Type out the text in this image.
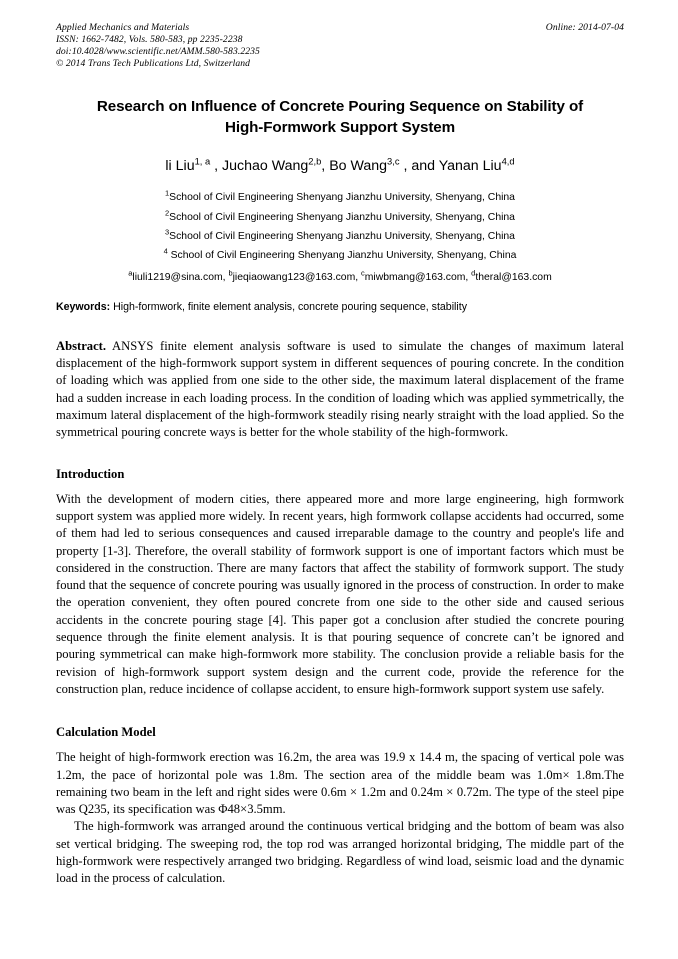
Online: 2014-07-04
Applied Mechanics and Materials
ISSN: 1662-7482, Vols. 580-583, pp 2235-2238
doi:10.4028/www.scientific.net/AMM.580-583.2235
© 2014 Trans Tech Publications Ltd, Switzerland
Research on Influence of Concrete Pouring Sequence on Stability of
High-Formwork Support System
li Liu$^{1, a}$ , Juchao Wang$^{2,b}$, Bo Wang$^{3,c}$ , and Yanan Liu$^{4,d}$
$^1$School of Civil Engineering Shenyang Jianzhu University, Shenyang, China
$^2$School of Civil Engineering Shenyang Jianzhu University, Shenyang, China
$^3$School of Civil Engineering Shenyang Jianzhu University, Shenyang, China
$^4$ School of Civil Engineering Shenyang Jianzhu University, Shenyang, China
$^a$liuli1219@sina.com, $^b$jieqiaowang123@163.com, $^c$miwbmang@163.com, $^d$theral@163.com
Keywords: High-formwork, finite element analysis, concrete pouring sequence, stability
Abstract. ANSYS finite element analysis software is used to simulate the changes of maximum lateral displacement of the high-formwork support system in different sequences of pouring concrete. In the condition of loading which was applied from one side to the other side, the maximum lateral displacement of the frame had a sudden increase in each loading process. In the condition of loading which was applied symmetrically, the maximum lateral displacement of the high-formwork steadily rising nearly straight with the load applied. So the symmetrical pouring concrete ways is better for the whole stability of the high-formwork.
Introduction

With the development of modern cities, there appeared more and more large engineering, high formwork support system was applied more widely. In recent years, high formwork collapse accidents had occurred, some of them had led to serious consequences and caused irreparable damage to the country and people's life and property [1-3]. Therefore, the overall stability of formwork support is one of important factors which must be considered in the construction. There are many factors that affect the stability of formwork support. The study found that the sequence of concrete pouring was usually ignored in the process of construction. In order to make the operation convenient, they often poured concrete from one side to the other side and caused serious accidents in the concrete pouring stage [4]. This paper got a conclusion after studied the concrete pouring sequence through the finite element analysis. It is that pouring sequence of concrete can’t be ignored and pouring symmetrical can make high-formwork more stability. The conclusion provide a reliable basis for the revision of high-formwork support system design and the current code, provide the reference for the construction plan, reduce incidence of collapse accident, to ensure high-formwork support system use safely.

Calculation Model

The height of high-formwork erection was 16.2m, the area was 19.9 x 14.4 m, the spacing of vertical pole was 1.2m, the pace of horizontal pole was 1.8m. The section area of the middle beam was 1.0m× 1.8m.The remaining two beam in the left and right sides were 0.6m × 1.2m and 0.24m × 0.72m. The type of the steel pipe was Q235, its specification was Φ48×3.5mm.

The high-formwork was arranged around the continuous vertical bridging and the bottom of beam was also set vertical bridging. The sweeping rod, the top rod was arranged horizontal bridging, The middle part of the high-formwork were respectively arranged two bridging. Regardless of wind load, seismic load and the dynamic load in the process of calculation.
